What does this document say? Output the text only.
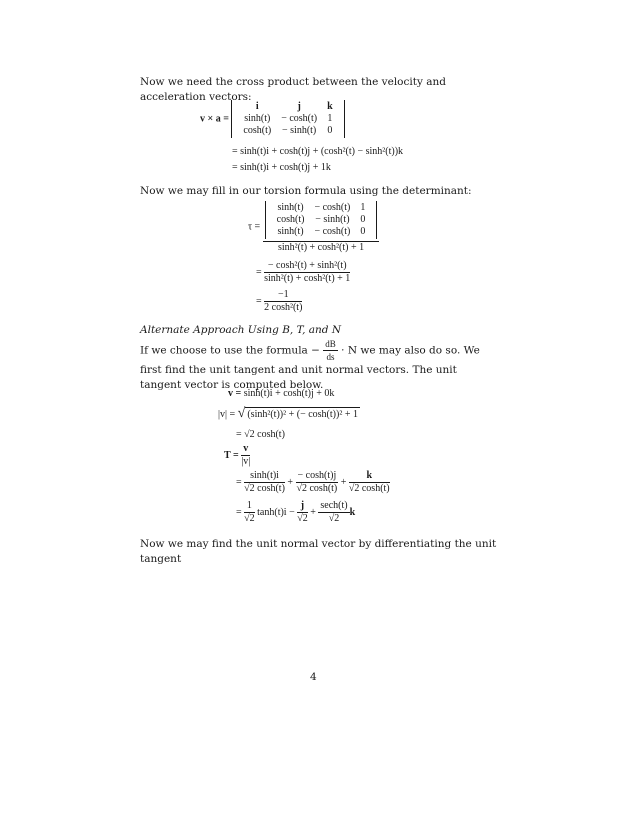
Now we need the cross product between the velocity and acceleration vectors:
v × a =
i	j	k
sinh(t)	− cosh(t)	1
cosh(t)	− sinh(t)	0
= sinh(t)i + cosh(t)j + (cosh²(t) − sinh²(t))k
= sinh(t)i + cosh(t)j + 1k
Now we may fill in our torsion formula using the determinant:
τ =
sinh(t)	− cosh(t)	1
cosh(t)	− sinh(t)	0
sinh(t)	− cosh(t)	0
sinh²(t) + cosh²(t) + 1
= $\frac{\text{− cosh²(t) + sinh²(t)}}{\text{sinh²(t) + cosh²(t) + 1}}$
= $\frac{-1}{\text{2 cosh²(t)}}$
Alternate Approach Using B, T, and N
If we choose to use the formula − $\frac{dB}{ds} \cdot N$ we may also do so. We first find the unit tangent and unit normal vectors. The unit tangent vector is computed below.
v = sinh(t)i + cosh(t)j + 0k
|v| = √ (sinh²(t))² + (− cosh(t))² + 1
= √2 cosh(t)
$T = \frac{v}{|v|}$
= $\frac{\sinh(t)i}{√2 \cosh(t)} + \frac{- \cosh(t)j}{√2 \cosh(t)} + \frac{k}{√2 \cosh(t)}$
= $\frac{1}{√2} \tanh(t)i - \frac{j}{√2} + \frac{\sec h(t)}{√2}$ k
Now we may find the unit normal vector by differentiating the unit tangent
4
